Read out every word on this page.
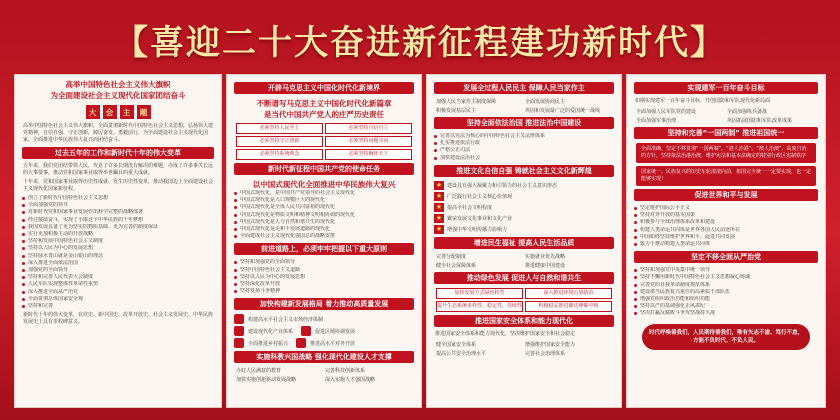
【喜迎二十大奋进新征程建功新时代】
高举中国特色社会主义伟大旗帜
为全面建设社会主义现代化国家团结奋斗
大	会	主	题
高举中国特色社会主义伟大旗帜，全面贯彻新时代中国特色社会主义思想，弘扬伟大建党精神，自信自强、守正创新，踔厉奋发、勇毅前行，为全面建设社会主义现代化国家、全面推进中华民族伟大复兴而团结奋斗。
过去五年的工作和新时代十年的伟大变革
五年来，我们党团结带领人民，攻克了许多长期没有解决的难题，办成了许多事关长远的大事要事，推动党和国家事业取得举世瞩目的重大成就。
十年来，党和国家事业取得历史性成就、发生历史性变革，推动我国迈上全面建设社会主义现代化国家新征程。
创立了新时代中国特色社会主义思想
全面加强党的领导
对新时代党和国家事业发展作出科学完整的战略部署
经过接续奋斗，实现了小康这个中华民族的千年梦想
我国发展具备了更为坚实的物质基础、更为完善的制度保证
实行更加积极主动的开放战略
坚持和发展中国特色社会主义制度
坚持以人民为中心的发展思想
坚持绿水青山就是金山银山的理念
深入推进全面依法治国
加强党的全面领导
坚持和完善人民代表大会制度
人民军队实现整体性革命性重塑
深入推进全面从严治党
全面贯彻总体国家安全观
坚持和完善
新时代十年的伟大变革，在党史、新中国史、改革开放史、社会主义发展史、中华民族发展史上具有里程碑意义。
开辟马克思主义中国化时代化新境界
不断谱写马克思主义中国化时代化新篇章
是当代中国共产党人的庄严历史责任
必须坚持人民至上	必须坚持自信自立
必须坚持守正创新	必须坚持问题导向
必须坚持系统观念	必须坚持胸怀天下
新时代新征程中国共产党的使命任务
以中国式现代化全面推进中华民族伟大复兴
中国式现代化，是中国共产党领导的社会主义现代化
中国式现代化是人口规模巨大的现代化
中国式现代化是全体人民共同富裕的现代化
中国式现代化是物质文明和精神文明相协调的现代化
中国式现代化是人与自然和谐共生的现代化
中国式现代化是走和平发展道路的现代化
全面建成社会主义现代化强国总的战略安排
前进道路上，必须牢牢把握以下重大原则
坚持和加强党的全面领导
坚持中国特色社会主义道路
坚持以人民为中心的发展思想
坚持深化改革开放
坚持发扬斗争精神
加快构建新发展格局 着力推动高质量发展
构建高水平社会主义市场经济体制
建设现代化产业体系	促进区域协调发展
全面推进乡村振兴	推进高水平对外开放
实施科教兴国战略 强化现代化建设人才支撑
办好人民满意的教育	完善科技创新体系
加快实施创新驱动发展战略	深入实施人才强国战略
发展全过程人民民主 保障人民当家作主
加强人民当家作主制度保障	全面发展协商民主
积极发展基层民主	巩固和发展最广泛的爱国统一战线
坚持全面依法治国 推进法治中国建设
完善以宪法为核心的中国特色社会主义法律体系
扎实推进依法行政
严格公正司法
加快建设法治社会
推进文化自信自强 铸就社会主义文化新辉煌
★ 建设具有强大凝聚力和引领力的社会主义意识形态
★ 广泛践行社会主义核心价值观
★ 提高全社会文明程度
★ 繁荣发展文化事业和文化产业
★ 增强中华文明传播力影响力
增进民生福祉 提高人民生活品质
完善分配制度	实施就业优先战略
健全社会保障体系	推进健康中国建设
推动绿色发展 促进人与自然和谐共生
加快发展方式绿色转型	深入推进环境污染防治
提升生态系统多样性、稳定性、持续性	积极稳妥推进碳达峰碳中和
推进国家安全体系和能力现代化
推进国家安全体系和能力现代化，坚决维护国家安全和社会稳定
健全国家安全体系	增强维护国家安全能力
提高公共安全治理水平	完善社会治理体系
实现建军一百年奋斗目标
如期实现建军一百年奋斗目标，开创国防和军队现代化新局面
全面加强人民军队党的建设	全面加强练兵备战
全面加强军事治理	巩固拓展国防和军队改革成果
坚持和完善“一国两制” 推进祖国统一
全面准确、坚定不移贯彻“一国两制”、“港人治港”、“澳人治澳”、高度自治的方针，坚持依法治港治澳，维护宪法和基本法确定的特别行政区宪制秩序
国家统一、民族复兴的历史车轮滚滚向前，祖国完全统一一定要实现，也一定能够实现！
促进世界和平与发展
坚定维护国际公平正义
坚持对外开放的基本国策
积极参与全球治理体系改革和建设
构建人类命运共同体是世界各国人民前途所在
中国始终坚持维护世界和平、促进共同发展
致力于推动构建人类命运共同体
坚定不移全面从严治党
坚持和加强党中央集中统一领导
坚持不懈用新时代中国特色社会主义思想凝心铸魂
完善党的自我革命制度规范体系
建设堪当民族复兴重任的高素质干部队伍
增强党组织政治功能和组织功能
坚持以严的基调强化正风肃纪
坚决打赢反腐败斗争攻坚战持久战
时代呼唤着我们，人民期待着我们，唯有矢志不渝、笃行不怠，方能不负时代、不负人民。
